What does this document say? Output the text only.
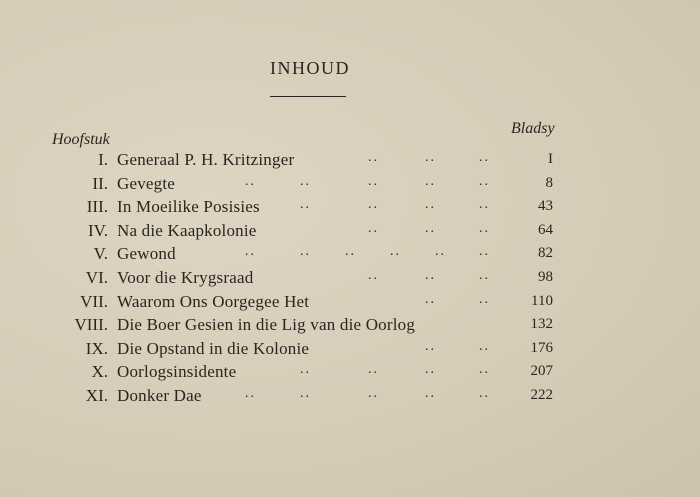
INHOUD
Hoofstuk
Bladsy
I. Generaal P. H. Kritzinger	..	..	..	I
II. Gevegte	..	..	..	..	..	8
III. In Moeilike Posisies	..	..	..	..	43
IV. Na die Kaapkolonie	..	..	..	64
V. Gewond	..	.. .. .. .. ..	82
VI. Voor die Krygsraad	..	..	..	98
VII. Waarom Ons Oorgegee Het	..	..	110
VIII. Die Boer Gesien in die Lig van die Oorlog	132
IX. Die Opstand in die Kolonie	..	..	176
X. Oorlogsinsidente	..	..	..	..	207
XI. Donker Dae	..	..	..	..	..	222
